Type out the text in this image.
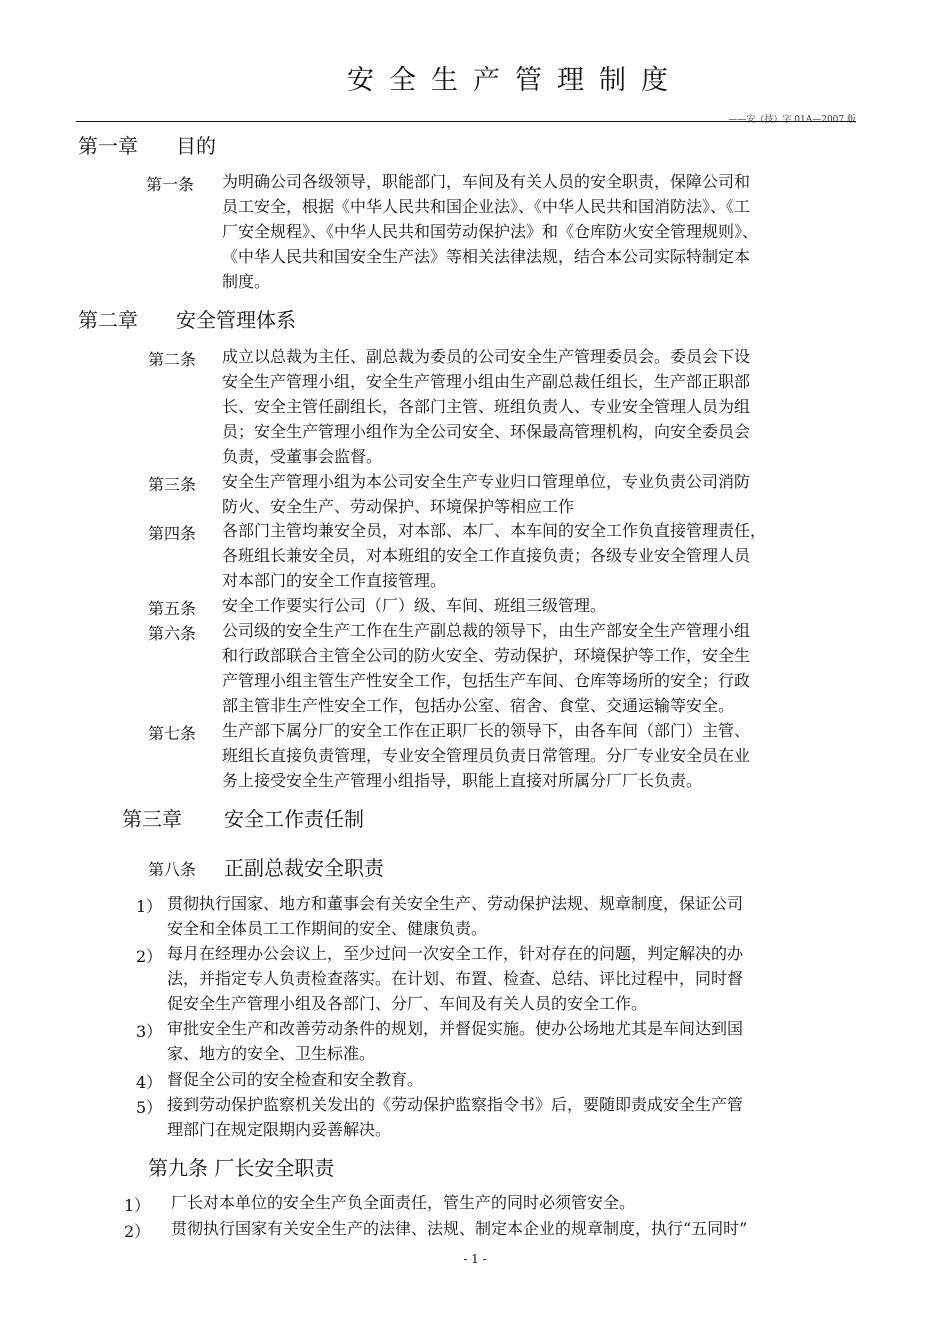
安全生产管理制度
——安（技）字 01A—2007 版
第一章 目的
第一条 为明确公司各级领导，职能部门，车间及有关人员的安全职责，保障公司和
员工安全，根据《中华人民共和国企业法》、《中华人民共和国消防法》、《工
厂安全规程》、《中华人民共和国劳动保护法》和《仓库防火安全管理规则》、
《中华人民共和国安全生产法》等相关法律法规，结合本公司实际特制定本
制度。
第二章 安全管理体系
第二条 成立以总裁为主任、副总裁为委员的公司安全生产管理委员会。委员会下设
安全生产管理小组，安全生产管理小组由生产副总裁任组长，生产部正职部
长、安全主管任副组长，各部门主管、班组负责人、专业安全管理人员为组
员；安全生产管理小组作为全公司安全、环保最高管理机构，向安全委员会
负责，受董事会监督。
第三条 安全生产管理小组为本公司安全生产专业归口管理单位，专业负责公司消防
防火、安全生产、劳动保护、环境保护等相应工作
第四条 各部门主管均兼安全员，对本部、本厂、本车间的安全工作负直接管理责任，
各班组长兼安全员，对本班组的安全工作直接负责；各级专业安全管理人员
对本部门的安全工作直接管理。
第五条 安全工作要实行公司（厂）级、车间、班组三级管理。
第六条 公司级的安全生产工作在生产副总裁的领导下，由生产部安全生产管理小组
和行政部联合主管全公司的防火安全、劳动保护，环境保护等工作，安全生
产管理小组主管生产性安全工作，包括生产车间、仓库等场所的安全；行政
部主管非生产性安全工作，包括办公室、宿舍、食堂、交通运输等安全。
第七条 生产部下属分厂的安全工作在正职厂长的领导下，由各车间（部门）主管、
班组长直接负责管理，专业安全管理员负责日常管理。分厂专业安全员在业
务上接受安全生产管理小组指导，职能上直接对所属分厂厂长负责。
第三章 安全工作责任制
第八条 正副总裁安全职责
1） 贯彻执行国家、地方和董事会有关安全生产、劳动保护法规、规章制度，保证公司
安全和全体员工工作期间的安全、健康负责。
2） 每月在经理办公会议上，至少过问一次安全工作，针对存在的问题，判定解决的办
法，并指定专人负责检查落实。在计划、布置、检查、总结、评比过程中，同时督
促安全生产管理小组及各部门、分厂、车间及有关人员的安全工作。
3） 审批安全生产和改善劳动条件的规划，并督促实施。使办公场地尤其是车间达到国
家、地方的安全、卫生标准。
4） 督促全公司的安全检查和安全教育。
5） 接到劳动保护监察机关发出的《劳动保护监察指令书》后，要随即责成安全生产管
理部门在规定限期内妥善解决。
第九条 厂长安全职责
1） 厂长对本单位的安全生产负全面责任，管生产的同时必须管安全。
2） 贯彻执行国家有关安全生产的法律、法规、制定本企业的规章制度，执行“五同时”
- 1 -
